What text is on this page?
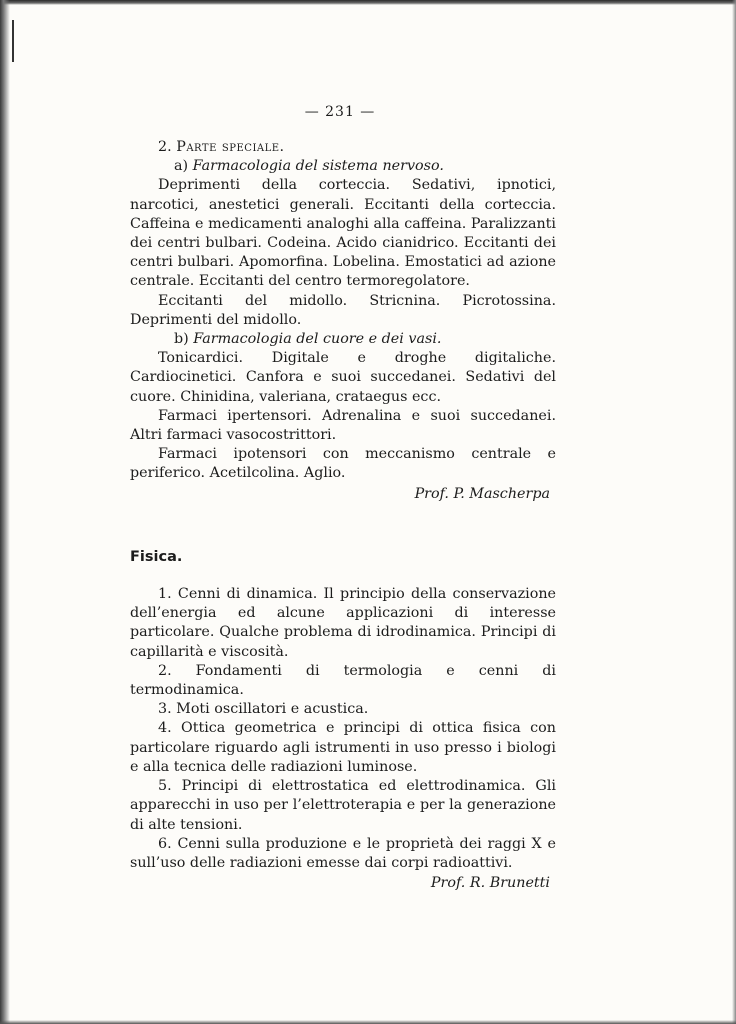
— 231 —

2. Parte speciale.

a) Farmacologia del sistema nervoso.

Deprimenti della corteccia. Sedativi, ipnotici, narcotici, anestetici generali. Eccitanti della corteccia. Caffeina e medicamenti analoghi alla caffeina. Paralizzanti dei centri bulbari. Codeina. Acido cianidrico. Eccitanti dei centri bulbari. Apomorfina. Lobelina. Emostatici ad azione centrale. Eccitanti del centro termoregolatore.

Eccitanti del midollo. Stricnina. Picrotossina. Deprimenti del midollo.

b) Farmacologia del cuore e dei vasi.

Tonicardici. Digitale e droghe digitaliche. Cardiocinetici. Canfora e suoi succedanei. Sedativi del cuore. Chinidina, valeriana, crataegus ecc.

Farmaci ipertensori. Adrenalina e suoi succedanei. Altri farmaci vasocostrittori.

Farmaci ipotensori con meccanismo centrale e periferico. Acetilcolina. Aglio.

Prof. P. Mascherpa

Fisica.

1. Cenni di dinamica. Il principio della conservazione dell’energia ed alcune applicazioni di interesse particolare. Qualche problema di idrodinamica. Principi di capillarità e viscosità.

2. Fondamenti di termologia e cenni di termodinamica.

3. Moti oscillatori e acustica.

4. Ottica geometrica e principi di ottica fisica con particolare riguardo agli istrumenti in uso presso i biologi e alla tecnica delle radiazioni luminose.

5. Principi di elettrostatica ed elettrodinamica. Gli apparecchi in uso per l’elettroterapia e per la generazione di alte tensioni.

6. Cenni sulla produzione e le proprietà dei raggi X e sull’uso delle radiazioni emesse dai corpi radioattivi.

Prof. R. Brunetti
